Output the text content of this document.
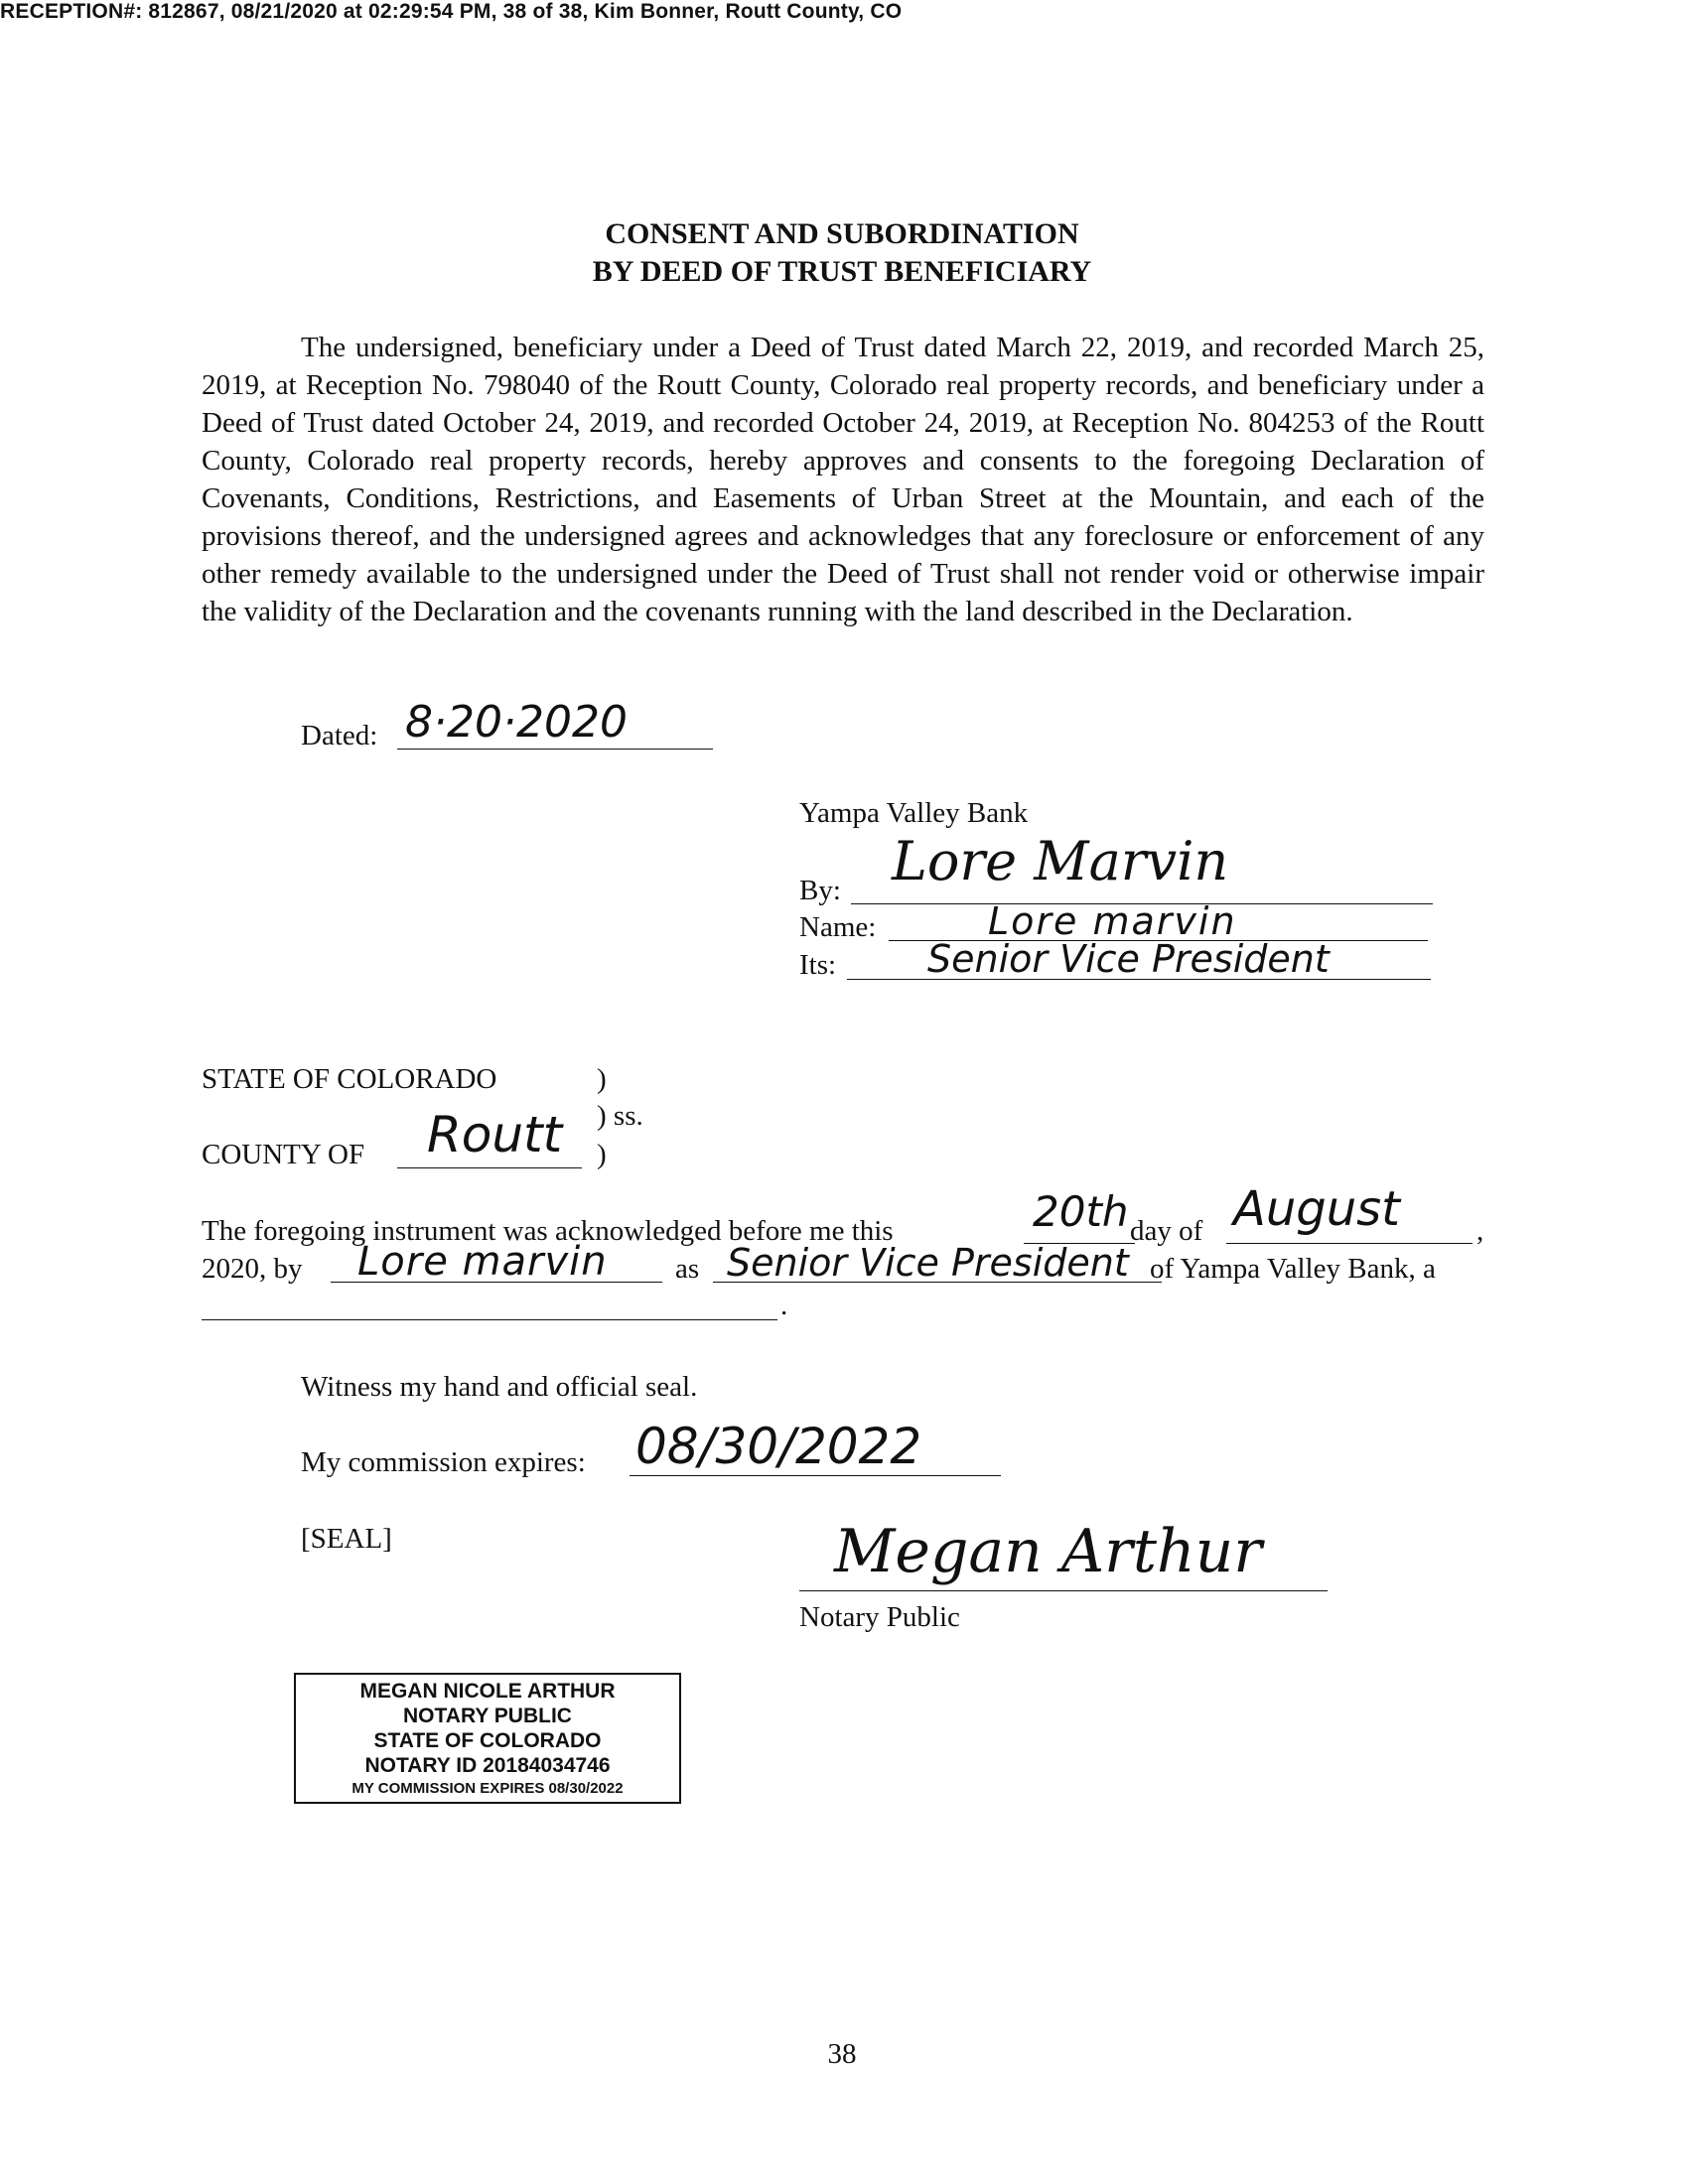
RECEPTION#: 812867, 08/21/2020 at 02:29:54 PM, 38 of 38, Kim Bonner, Routt County, CO
CONSENT AND SUBORDINATION
BY DEED OF TRUST BENEFICIARY
The undersigned, beneficiary under a Deed of Trust dated March 22, 2019, and recorded March 25, 2019, at Reception No. 798040 of the Routt County, Colorado real property records, and beneficiary under a Deed of Trust dated October 24, 2019, and recorded October 24, 2019, at Reception No. 804253 of the Routt County, Colorado real property records, hereby approves and consents to the foregoing Declaration of Covenants, Conditions, Restrictions, and Easements of Urban Street at the Mountain, and each of the provisions thereof, and the undersigned agrees and acknowledges that any foreclosure or enforcement of any other remedy available to the undersigned under the Deed of Trust shall not render void or otherwise impair the validity of the Declaration and the covenants running with the land described in the Declaration.
Dated: 8·20·2020
Yampa Valley Bank
By: Lore Marvin
Name:	Lore marvin
Its: Senior Vice President
STATE OF COLORADO	)
) ss.
COUNTY OF Routt )
The foregoing instrument was acknowledged before me this	20th day of August	,
2020, by Lore marvin as Senior Vice President of Yampa Valley Bank, a
.
Witness my hand and official seal.
My commission expires: 08/30/2022
[SEAL]	Megan Arthur
Notary Public
MEGAN NICOLE ARTHUR
NOTARY PUBLIC
STATE OF COLORADO
NOTARY ID 20184034746
MY COMMISSION EXPIRES 08/30/2022
38
